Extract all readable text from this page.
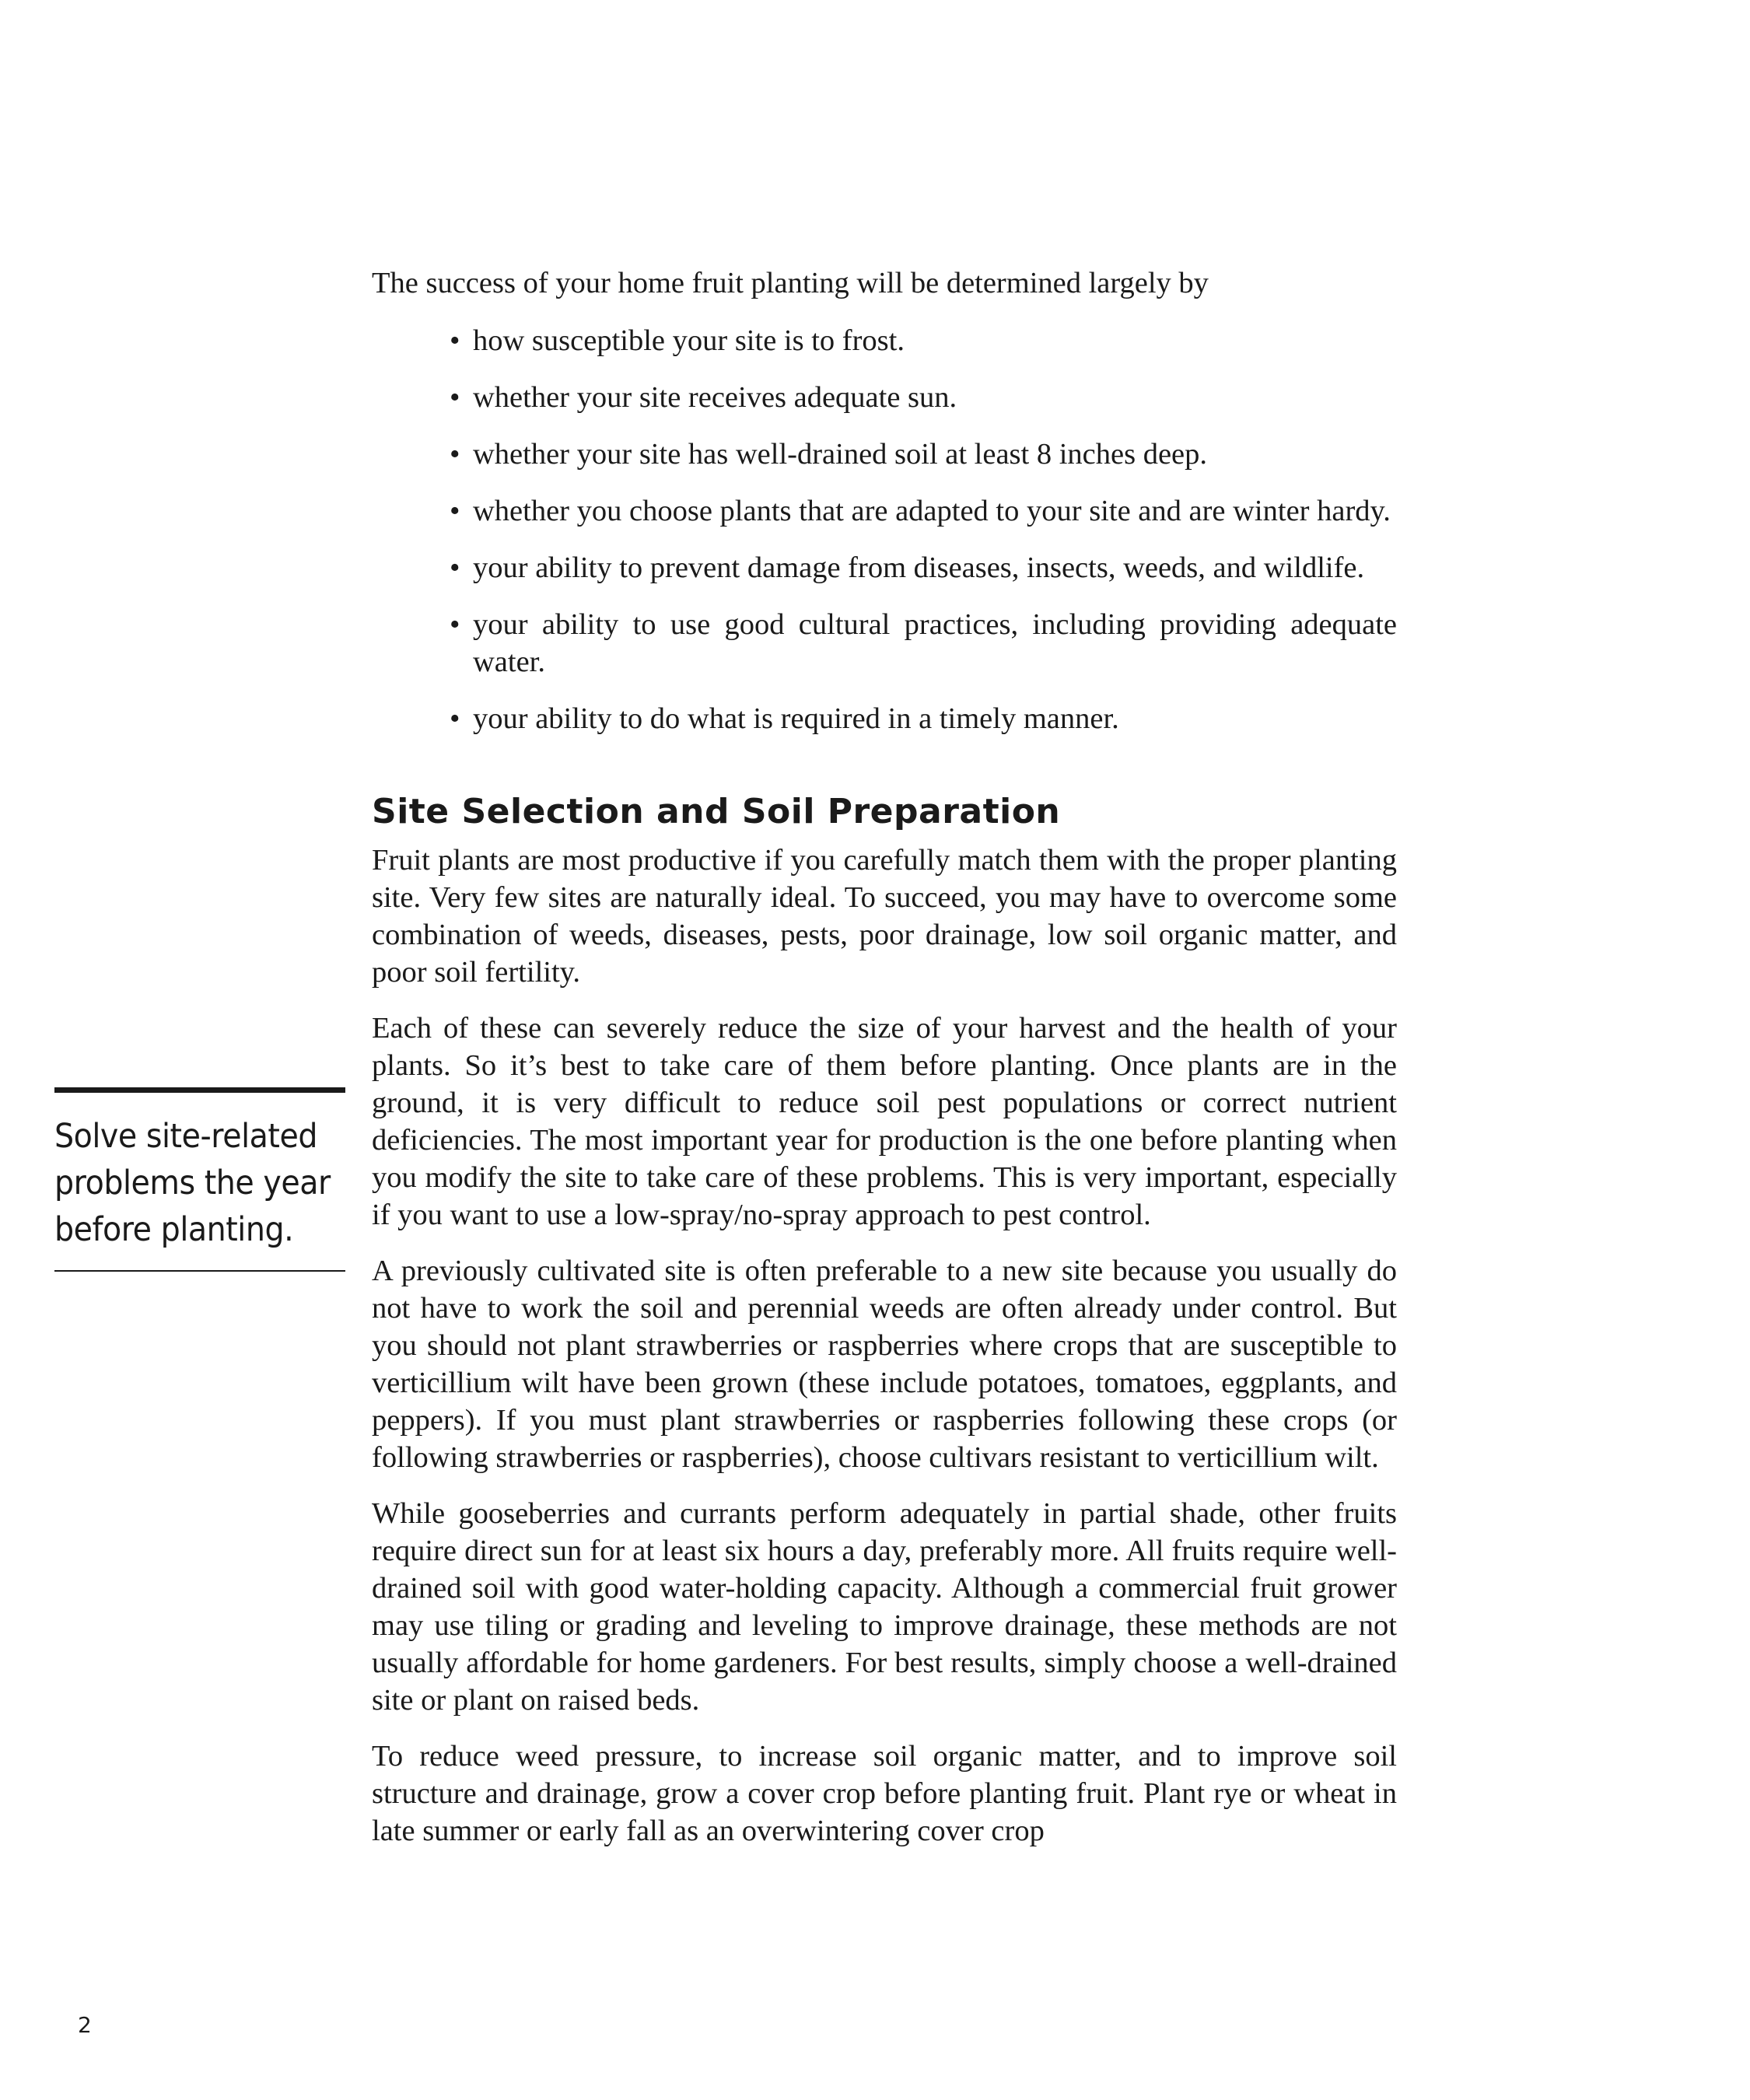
The success of your home fruit planting will be determined largely by

• how susceptible your site is to frost.
• whether your site receives adequate sun.
• whether your site has well-drained soil at least 8 inches deep.
• whether you choose plants that are adapted to your site and are winter hardy.
• your ability to prevent damage from diseases, insects, weeds, and wildlife.
• your ability to use good cultural practices, including providing adequate water.
• your ability to do what is required in a timely manner.
Site Selection and Soil Preparation

Fruit plants are most productive if you carefully match them with the proper planting site. Very few sites are naturally ideal. To succeed, you may have to overcome some combination of weeds, diseases, pests, poor drainage, low soil organic matter, and poor soil fertility.

Each of these can severely reduce the size of your harvest and the health of your plants. So it’s best to take care of them before planting. Once plants are in the ground, it is very difficult to reduce soil pest populations or correct nutrient deficiencies. The most important year for production is the one before planting when you modify the site to take care of these problems. This is very important, especially if you want to use a low-spray/no-spray approach to pest control.

A previously cultivated site is often preferable to a new site because you usually do not have to work the soil and perennial weeds are often already under control. But you should not plant strawberries or raspberries where crops that are susceptible to verticillium wilt have been grown (these include potatoes, tomatoes, eggplants, and peppers). If you must plant strawberries or raspberries following these crops (or following strawberries or raspberries), choose cultivars resistant to verticillium wilt.

While gooseberries and currants perform adequately in partial shade, other fruits require direct sun for at least six hours a day, preferably more. All fruits require well-drained soil with good water-holding capacity. Although a commercial fruit grower may use tiling or grading and leveling to improve drainage, these methods are not usually affordable for home gardeners. For best results, simply choose a well-drained site or plant on raised beds.

To reduce weed pressure, to increase soil organic matter, and to improve soil structure and drainage, grow a cover crop before planting fruit. Plant rye or wheat in late summer or early fall as an overwintering cover crop

Solve site-related
problems the year
before planting.
2
